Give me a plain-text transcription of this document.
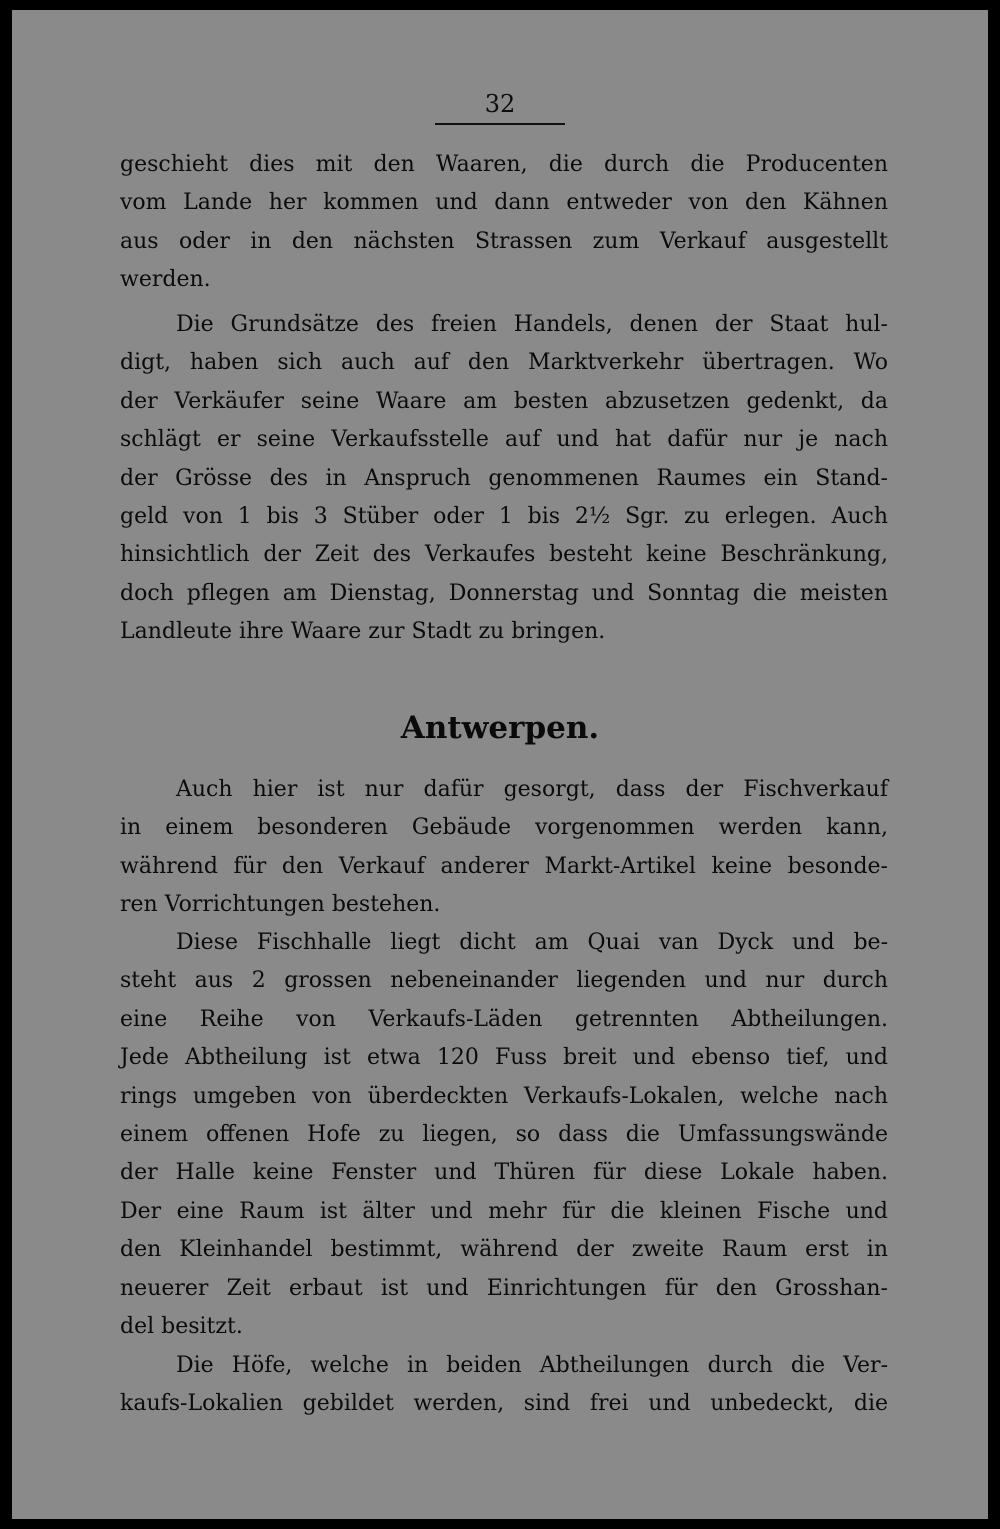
32
geschieht dies mit den Waaren, die durch die Producenten
vom Lande her kommen und dann entweder von den Kähnen
aus oder in den nächsten Strassen zum Verkauf ausgestellt
werden.
Die Grundsätze des freien Handels, denen der Staat hul-
digt, haben sich auch auf den Marktverkehr übertragen. Wo
der Verkäufer seine Waare am besten abzusetzen gedenkt, da
schlägt er seine Verkaufsstelle auf und hat dafür nur je nach
der Grösse des in Anspruch genommenen Raumes ein Stand-
geld von 1 bis 3 Stüber oder 1 bis 2½ Sgr. zu erlegen. Auch
hinsichtlich der Zeit des Verkaufes besteht keine Beschränkung,
doch pflegen am Dienstag, Donnerstag und Sonntag die meisten
Landleute ihre Waare zur Stadt zu bringen.
Antwerpen.
Auch hier ist nur dafür gesorgt, dass der Fischverkauf
in einem besonderen Gebäude vorgenommen werden kann,
während für den Verkauf anderer Markt-Artikel keine besonde-
ren Vorrichtungen bestehen.
Diese Fischhalle liegt dicht am Quai van Dyck und be-
steht aus 2 grossen nebeneinander liegenden und nur durch
eine Reihe von Verkaufs-Läden getrennten Abtheilungen.
Jede Abtheilung ist etwa 120 Fuss breit und ebenso tief, und
rings umgeben von überdeckten Verkaufs-Lokalen, welche nach
einem offenen Hofe zu liegen, so dass die Umfassungswände
der Halle keine Fenster und Thüren für diese Lokale haben.
Der eine Raum ist älter und mehr für die kleinen Fische und
den Kleinhandel bestimmt, während der zweite Raum erst in
neuerer Zeit erbaut ist und Einrichtungen für den Grosshan-
del besitzt.
Die Höfe, welche in beiden Abtheilungen durch die Ver-
kaufs-Lokalien gebildet werden, sind frei und unbedeckt, die
